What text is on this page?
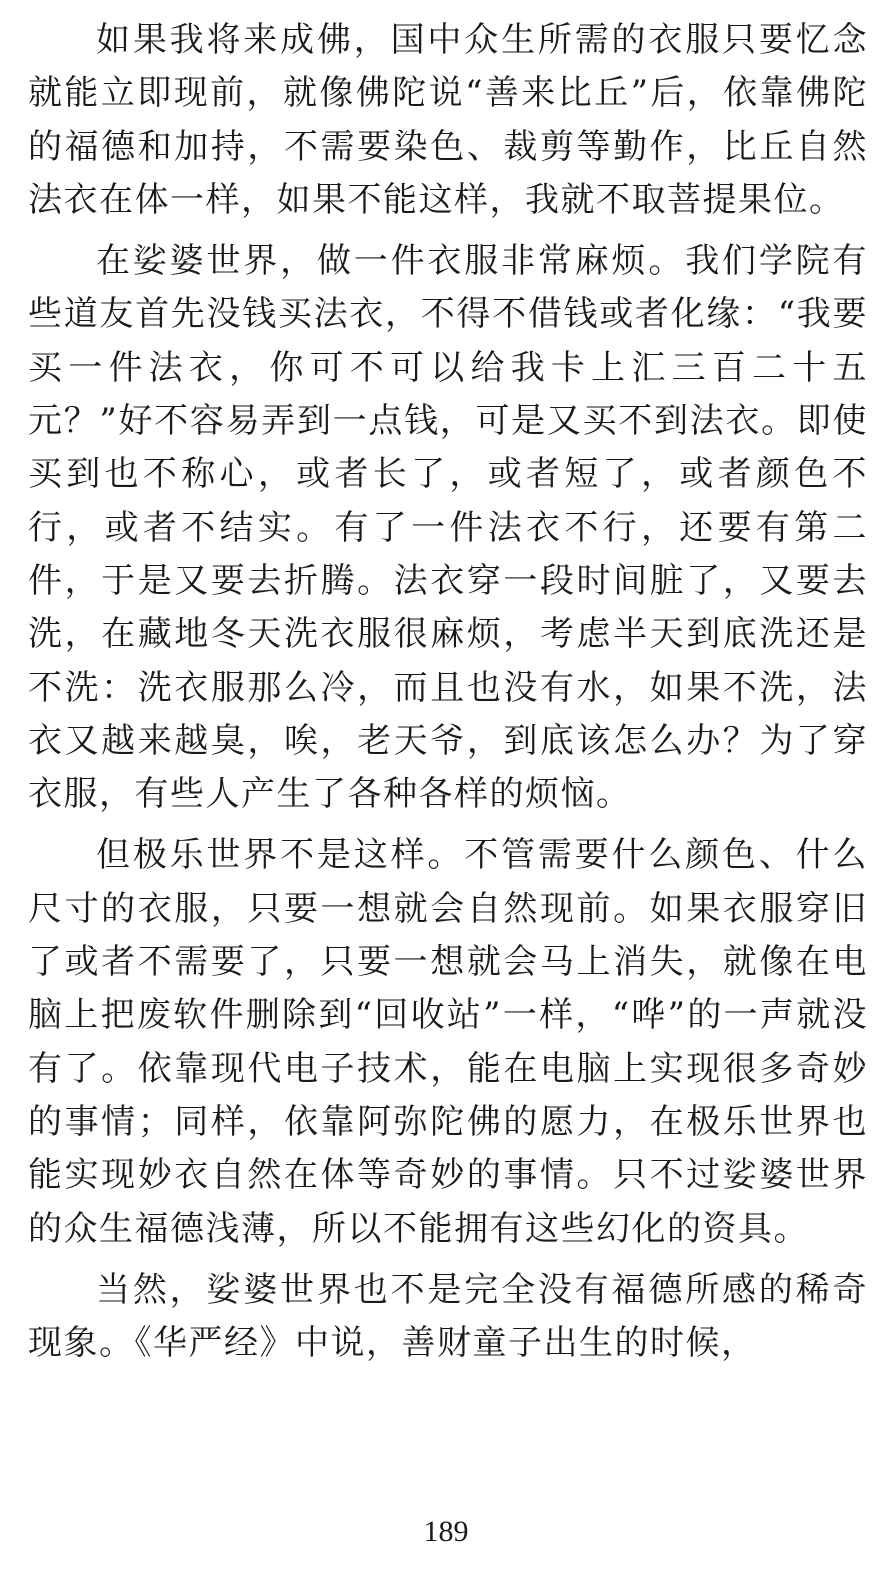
如果我将来成佛，国中众生所需的衣服只要忆念就能立即现前，就像佛陀说“善来比丘”后，依靠佛陀的福德和加持，不需要染色、裁剪等勤作，比丘自然法衣在体一样，如果不能这样，我就不取菩提果位。

在娑婆世界，做一件衣服非常麻烦。我们学院有些道友首先没钱买法衣，不得不借钱或者化缘：“我要买一件法衣，你可不可以给我卡上汇三百二十五元？”好不容易弄到一点钱，可是又买不到法衣。即使买到也不称心，或者长了，或者短了，或者颜色不行，或者不结实。有了一件法衣不行，还要有第二件，于是又要去折腾。法衣穿一段时间脏了，又要去洗，在藏地冬天洗衣服很麻烦，考虑半天到底洗还是不洗：洗衣服那么冷，而且也没有水，如果不洗，法衣又越来越臭，唉，老天爷，到底该怎么办？为了穿衣服，有些人产生了各种各样的烦恼。

但极乐世界不是这样。不管需要什么颜色、什么尺寸的衣服，只要一想就会自然现前。如果衣服穿旧了或者不需要了，只要一想就会马上消失，就像在电脑上把废软件删除到“回收站”一样，“哗”的一声就没有了。依靠现代电子技术，能在电脑上实现很多奇妙的事情；同样，依靠阿弥陀佛的愿力，在极乐世界也能实现妙衣自然在体等奇妙的事情。只不过娑婆世界的众生福德浅薄，所以不能拥有这些幻化的资具。

当然，娑婆世界也不是完全没有福德所感的稀奇现象。《华严经》中说，善财童子出生的时候，

189
